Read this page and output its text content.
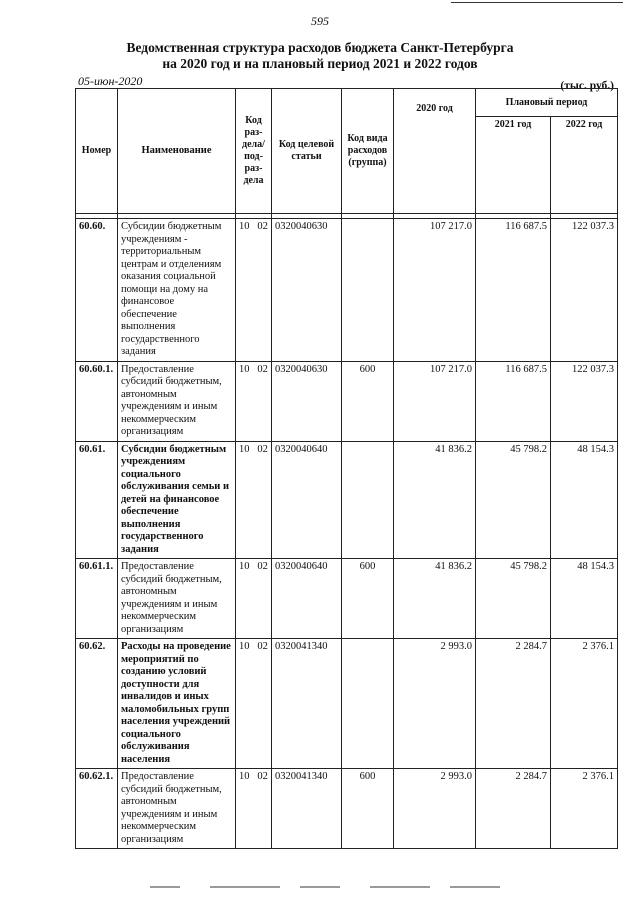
595
Ведомственная структура расходов бюджета Санкт-Петербурга
на 2020 год и на плановый период 2021 и 2022 годов
05-июн-2020	(тыс. руб.)
Номер	Наименование	Код раз-дела/ под-раз-дела	Код целевой статьи	Код вида расходов (группа)	2020 год	Плановый период	
						2021 год	2022 год

60.60.	Субсидии бюджетным учреждениям - территориальным центрам и отделениям оказания социальной помощи на дому на финансовое обеспечение выполнения государственного задания	10   02	0320040630		107 217.0	116 687.5	122 037.3
60.60.1.	Предоставление субсидий бюджетным, автономным учреждениям и иным некоммерческим организациям	10   02	0320040630	600	107 217.0	116 687.5	122 037.3
60.61.	Субсидии бюджетным учреждениям социального обслуживания семьи и детей на финансовое обеспечение выполнения государственного задания	10   02	0320040640		41 836.2	45 798.2	48 154.3
60.61.1.	Предоставление субсидий бюджетным, автономным учреждениям и иным некоммерческим организациям	10   02	0320040640	600	41 836.2	45 798.2	48 154.3
60.62.	Расходы на проведение мероприятий по созданию условий доступности для инвалидов и иных маломобильных групп населения учреждений социального обслуживания населения	10   02	0320041340		2 993.0	2 284.7	2 376.1
60.62.1.	Предоставление субсидий бюджетным, автономным учреждениям и иным некоммерческим организациям	10   02	0320041340	600	2 993.0	2 284.7	2 376.1
